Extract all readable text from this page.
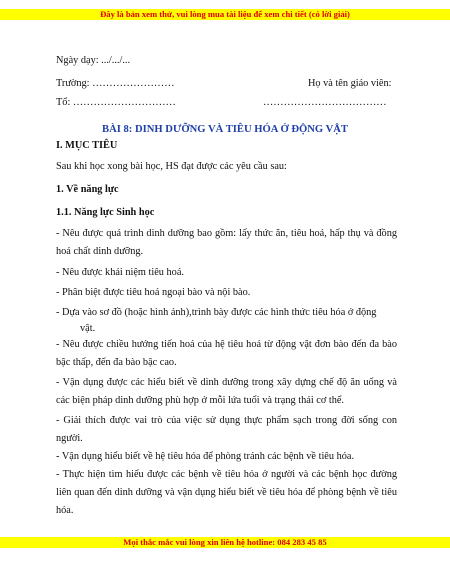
Đây là bản xem thử, vui lòng mua tài liệu để xem chi tiết (có lời giải)
Ngày dạy: .../.../...
Trường: ……………………	Họ và tên giáo viên:
Tổ: …………………………	………………………………
BÀI 8: DINH DƯỠNG VÀ TIÊU HÓA Ở ĐỘNG VẬT
I. MỤC TIÊU
Sau khi học xong bài học, HS đạt được các yêu cầu sau:
1. Về năng lực
1.1. Năng lực Sinh học
- Nêu được quá trình dinh dưỡng bao gồm: lấy thức ăn, tiêu hoá, hấp thụ và đồng hoá chất dinh dưỡng.
- Nêu được khái niệm tiêu hoá.
- Phân biệt được tiêu hoá ngoại bào và nội bào.
- Dựa vào sơ đồ (hoặc hình ảnh),trình bày được các hình thức tiêu hóa ở động
vật.
- Nêu được chiều hướng tiến hoá của hệ tiêu hoá từ động vật đơn bào đến đa bào bậc thấp, đến đa bào bậc cao.
- Vận dụng được các hiểu biết về dinh dưỡng trong xây dựng chế độ ăn uống và các biện pháp dinh dưỡng phù hợp ở mỗi lứa tuổi và trạng thái cơ thể.
- Giải thích được vai trò của việc sử dụng thực phẩm sạch trong đời sống con người.
- Vận dụng hiểu biết về hệ tiêu hóa để phòng tránh các bệnh về tiêu hóa.
- Thực hiện tìm hiểu được các bệnh về tiêu hóa ở người và các bệnh học đường liên quan đến dinh dưỡng và vận dụng hiểu biết về tiêu hóa để phòng bệnh về tiêu hóa.
Mọi thắc mắc vui lòng xin liên hệ hotline: 084 283 45 85
